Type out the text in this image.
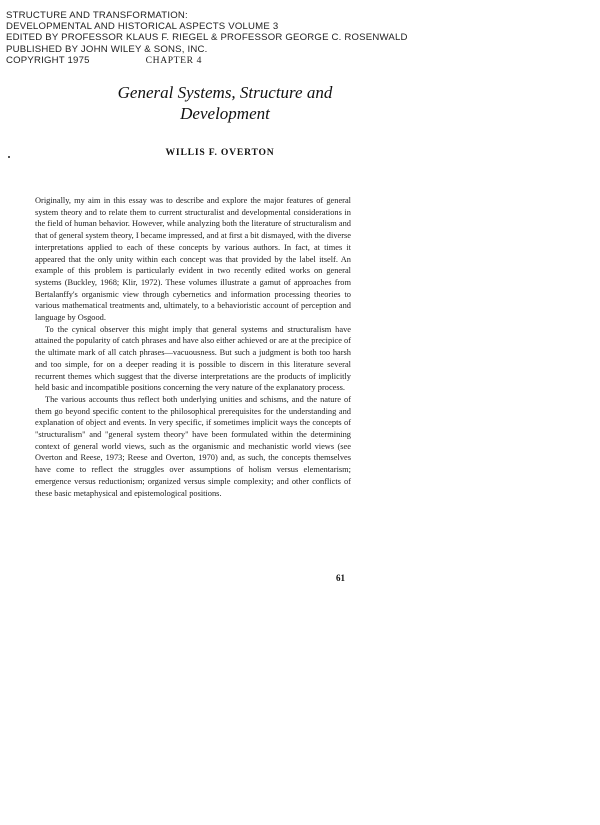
STRUCTURE AND TRANSFORMATION:
DEVELOPMENTAL AND HISTORICAL ASPECTS VOLUME 3
EDITED BY PROFESSOR KLAUS F. RIEGEL & PROFESSOR GEORGE C. ROSENWALD
PUBLISHED BY JOHN WILEY & SONS, INC.
COPYRIGHT 1975	CHAPTER 4
General Systems, Structure and
Development
WILLIS F. OVERTON

Originally, my aim in this essay was to describe and explore the major features of general system theory and to relate them to current structuralist and developmental considerations in the field of human behavior. However, while analyzing both the literature of structuralism and that of general system theory, I became impressed, and at first a bit dismayed, with the diverse interpretations applied to each of these concepts by various authors. In fact, at times it appeared that the only unity within each concept was that provided by the label itself. An example of this problem is particularly evident in two recently edited works on general systems (Buckley, 1968; Klir, 1972). These volumes illustrate a gamut of approaches from Bertalanffy's organismic view through cybernetics and information processing theories to various mathematical treatments and, ultimately, to a behavioristic account of perception and language by Osgood.

To the cynical observer this might imply that general systems and structuralism have attained the popularity of catch phrases and have also either achieved or are at the precipice of the ultimate mark of all catch phrases—vacuousness. But such a judgment is both too harsh and too simple, for on a deeper reading it is possible to discern in this literature several recurrent themes which suggest that the diverse interpretations are the products of implicitly held basic and incompatible positions concerning the very nature of the explanatory process.

The various accounts thus reflect both underlying unities and schisms, and the nature of them go beyond specific content to the philosophical prerequisites for the understanding and explanation of object and events. In very specific, if sometimes implicit ways the concepts of "structuralism" and "general system theory" have been formulated within the determining context of general world views, such as the organismic and mechanistic world views (see Overton and Reese, 1973; Reese and Overton, 1970) and, as such, the concepts themselves have come to reflect the struggles over assumptions of holism versus elementarism; emergence versus reductionism; organized versus simple complexity; and other conflicts of these basic metaphysical and epistemological positions.

61
